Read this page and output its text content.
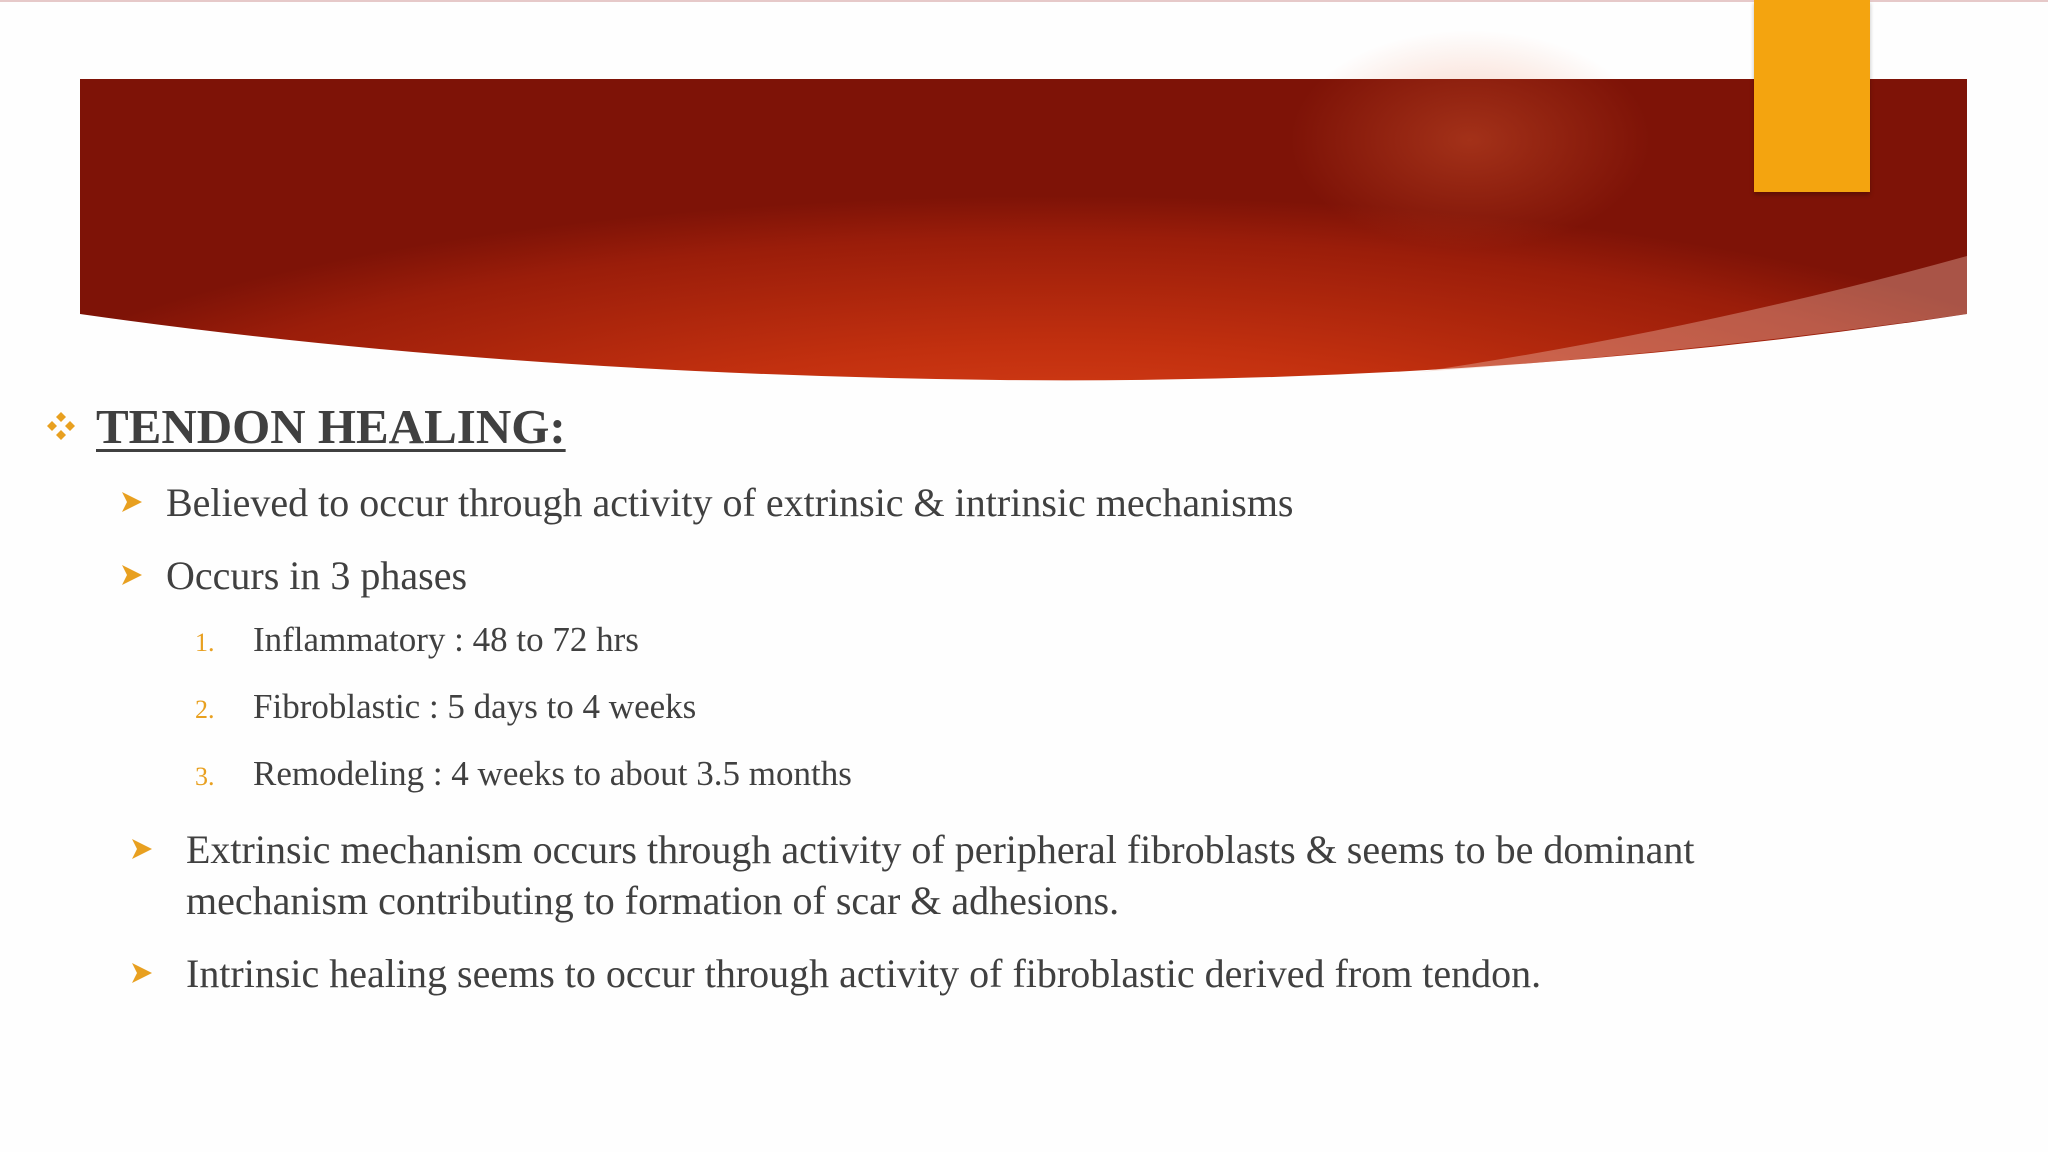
TENDON HEALING:
Believed to occur through activity of extrinsic & intrinsic mechanisms
Occurs in 3 phases
1.	Inflammatory : 48 to 72 hrs
2.	Fibroblastic : 5 days to 4 weeks
3.	Remodeling : 4 weeks to about 3.5 months
Extrinsic mechanism occurs through activity of peripheral fibroblasts & seems to be dominant mechanism contributing to formation of scar & adhesions.
Intrinsic healing seems to occur through activity of fibroblastic derived from tendon.
